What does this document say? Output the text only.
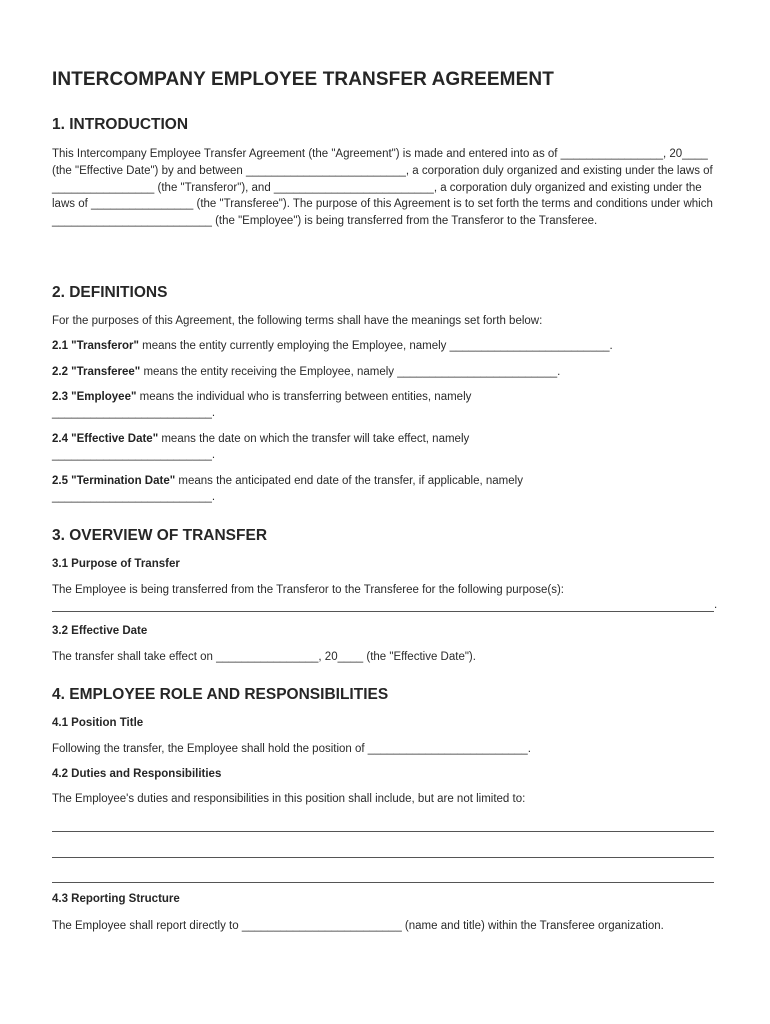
INTERCOMPANY EMPLOYEE TRANSFER AGREEMENT
1. INTRODUCTION

This Intercompany Employee Transfer Agreement (the "Agreement") is made and entered into as of ________________, 20____ (the "Effective Date") by and between _________________________, a corporation duly organized and existing under the laws of ________________ (the "Transferor"), and _________________________, a corporation duly organized and existing under the laws of ________________ (the "Transferee"). The purpose of this Agreement is to set forth the terms and conditions under which _________________________ (the "Employee") is being transferred from the Transferor to the Transferee.

2. DEFINITIONS
For the purposes of this Agreement, the following terms shall have the meanings set forth below:
2.1 "Transferor" means the entity currently employing the Employee, namely _________________________.
2.2 "Transferee" means the entity receiving the Employee, namely _________________________.
2.3 "Employee" means the individual who is transferring between entities, namely
_________________________.
2.4 "Effective Date" means the date on which the transfer will take effect, namely
_________________________.
2.5 "Termination Date" means the anticipated end date of the transfer, if applicable, namely
_________________________.
3. OVERVIEW OF TRANSFER
3.1 Purpose of Transfer
The Employee is being transferred from the Transferor to the Transferee for the following purpose(s):
.
3.2 Effective Date
The transfer shall take effect on ________________, 20____ (the "Effective Date").
4. EMPLOYEE ROLE AND RESPONSIBILITIES
4.1 Position Title
Following the transfer, the Employee shall hold the position of _________________________.
4.2 Duties and Responsibilities
The Employee's duties and responsibilities in this position shall include, but are not limited to:
4.3 Reporting Structure

The Employee shall report directly to _________________________ (name and title) within the Transferee organization.
